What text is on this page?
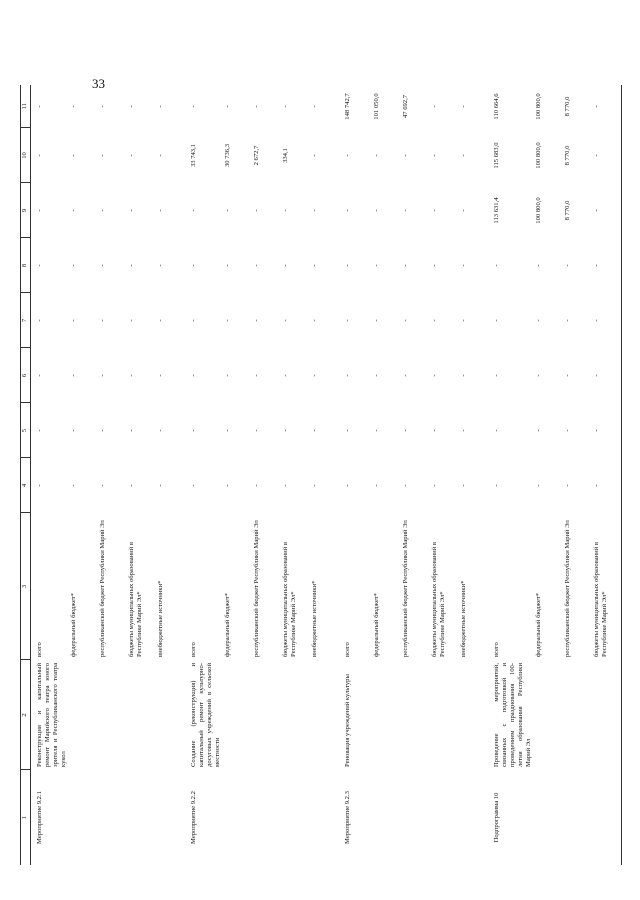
33
1	2	3	4	5	6	7	8	9	10	11
Мероприятие 9.2.1	Реконструкция и капитальный ремонт Марийского театра юного зрителя и Республиканского театра кукол	всего	-	-	-	-	-	-	-	-
		федеральный бюджет*	-	-	-	-	-	-	-	-
		республиканский бюджет Республики Марий Эл	-	-	-	-	-	-	-	-
		бюджеты муниципальных образований в Республике Марий Эл*	-	-	-	-	-	-	-	-
		внебюджетные источники*	-	-	-	-	-	-	-	-
Мероприятие 9.2.2	Создание (реконструкция) и капитальный ремонт культурно-досуговых учреждений в сельской местности	всего	-	-	-	-	-	-	33 743,1	-
		федеральный бюджет*	-	-	-	-	-	-	30 736,3	-
		республиканский бюджет Республики Марий Эл	-	-	-	-	-	-	2 672,7	-
		бюджеты муниципальных образований в Республике Марий Эл*	-	-	-	-	-	-	334,1	-
		внебюджетные источники*	-	-	-	-	-	-	-	-
Мероприятие 9.2.3	Реновация учреждений культуры	всего	-	-	-	-	-	-	-	148 742,7
		федеральный бюджет*	-	-	-	-	-	-	-	101 050,0
		республиканский бюджет Республики Марий Эл	-	-	-	-	-	-	-	47 692,7
		бюджеты муниципальных образований в Республике Марий Эл*	-	-	-	-	-	-	-	-
		внебюджетные источники*	-	-	-	-	-	-	-	-
Подпрограмма 10	Проведение мероприятий, связанных с подготовкой и проведением празднования 100-летия образования Республики Марий Эл	всего	-	-	-	-	-	113 631,4	115 683,0	110 664,6
		федеральный бюджет*	-	-	-	-	-	100 800,0	100 800,0	100 800,0
		республиканский бюджет Республики Марий Эл	-	-	-	-	-	8 770,0	8 770,0	8 770,0
		бюджеты муниципальных образований в Республике Марий Эл*	-	-	-	-	-	-	-	-
